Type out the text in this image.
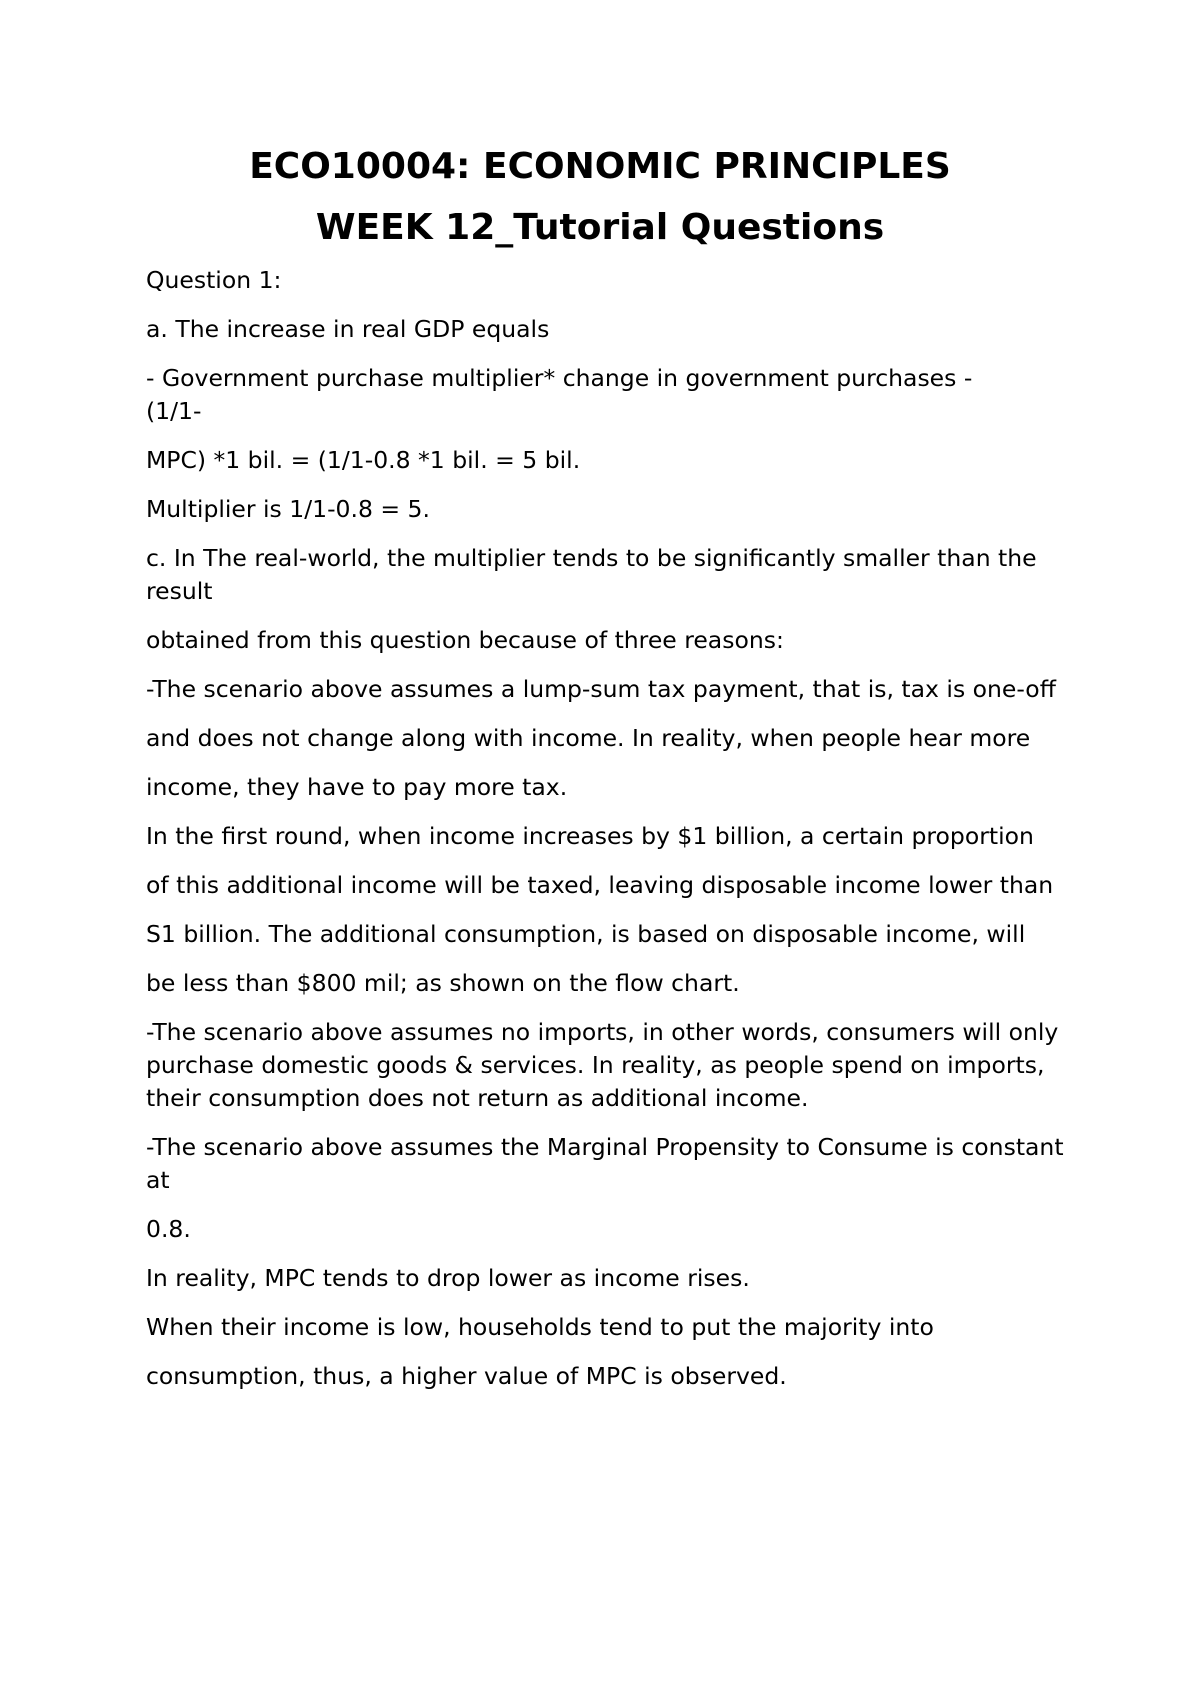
ECO10004: ECONOMIC PRINCIPLES
WEEK 12_Tutorial Questions

Question 1:

a. The increase in real GDP equals

- Government purchase multiplier* change in government purchases - (1/1-

MPC) *1 bil. = (1/1-0.8 *1 bil. = 5 bil.

Multiplier is 1/1-0.8 = 5.

c. In The real-world, the multiplier tends to be significantly smaller than the result

obtained from this question because of three reasons:

-The scenario above assumes a lump-sum tax payment, that is, tax is one-off

and does not change along with income. In reality, when people hear more

income, they have to pay more tax.

In the first round, when income increases by $1 billion, a certain proportion

of this additional income will be taxed, leaving disposable income lower than

S1 billion. The additional consumption, is based on disposable income, will

be less than $800 mil; as shown on the flow chart.

-The scenario above assumes no imports, in other words, consumers will only purchase domestic goods & services. In reality, as people spend on imports, their consumption does not return as additional income.

-The scenario above assumes the Marginal Propensity to Consume is constant at

0.8.

In reality, MPC tends to drop lower as income rises.

When their income is low, households tend to put the majority into

consumption, thus, a higher value of MPC is observed.
